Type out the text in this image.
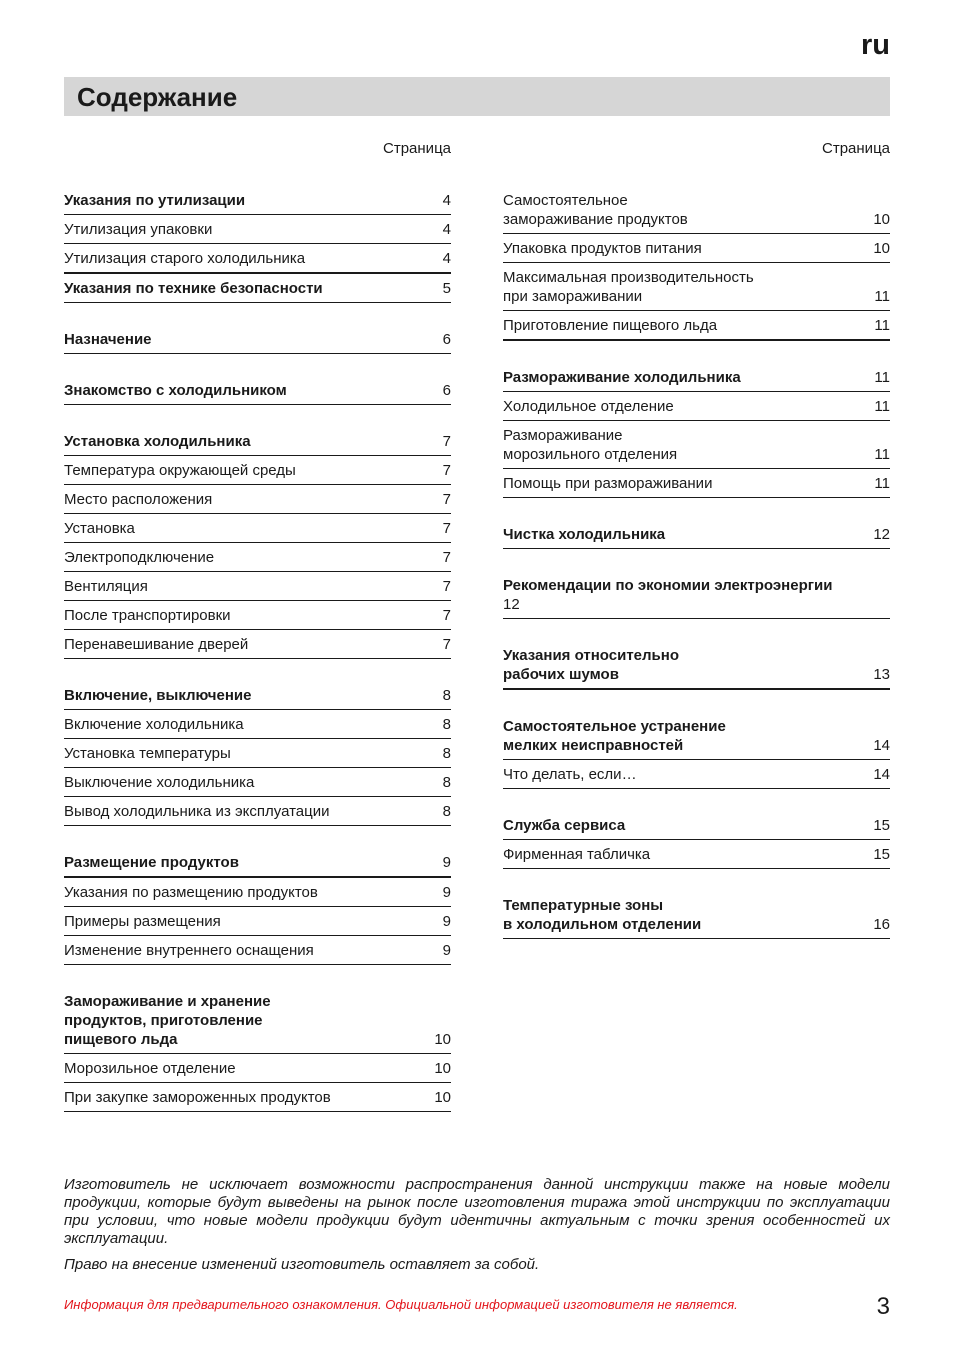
ru
Содержание
Страница
Указания по утилизации	4
Утилизация упаковки	4
Утилизация старого холодильника	4
Указания по технике безопасности	5
Назначение	6
Знакомство с холодильником	6
Установка холодильника	7
Температура окружающей среды	7
Место расположения	7
Установка	7
Электроподключение	7
Вентиляция	7
После транспортировки	7
Перенавешивание дверей	7
Включение, выключение	8
Включение холодильника	8
Установка температуры	8
Выключение холодильника	8
Вывод холодильника из эксплуатации	8
Размещение продуктов	9
Указания по размещению продуктов	9
Примеры размещения	9
Изменение внутреннего оснащения	9
Замораживание и хранение
продуктов, приготовление
пищевого льда	10
Морозильное отделение	10
При закупке замороженных продуктов	10
Страница
Самостоятельное
замораживание продуктов	10
Упаковка продуктов питания	10
Максимальная производительность
при замораживании	11
Приготовление пищевого льда	11
Размораживание холодильника	11
Холодильное отделение	11
Размораживание
морозильного отделения	11
Помощь при размораживании	11
Чистка холодильника	12
Рекомендации по экономии электроэнергии
12
Указания относительно
рабочих шумов	13
Самостоятельное устранение
мелких неисправностей	14
Что делать, если…	14
Служба сервиса	15
Фирменная табличка	15
Температурные зоны
в холодильном отделении	16

Изготовитель не исключает возможности распространения данной инструкции также на новые модели продукции, которые будут выведены на рынок после изготовления тиража этой инструкции по эксплуатации при условии, что новые модели продукции будут идентичны актуальным с точки зрения особенностей их эксплуатации.

Право на внесение изменений изготовитель оставляет за собой.

Информация для предварительного ознакомления. Официальной информацией изготовителя не является.	3
